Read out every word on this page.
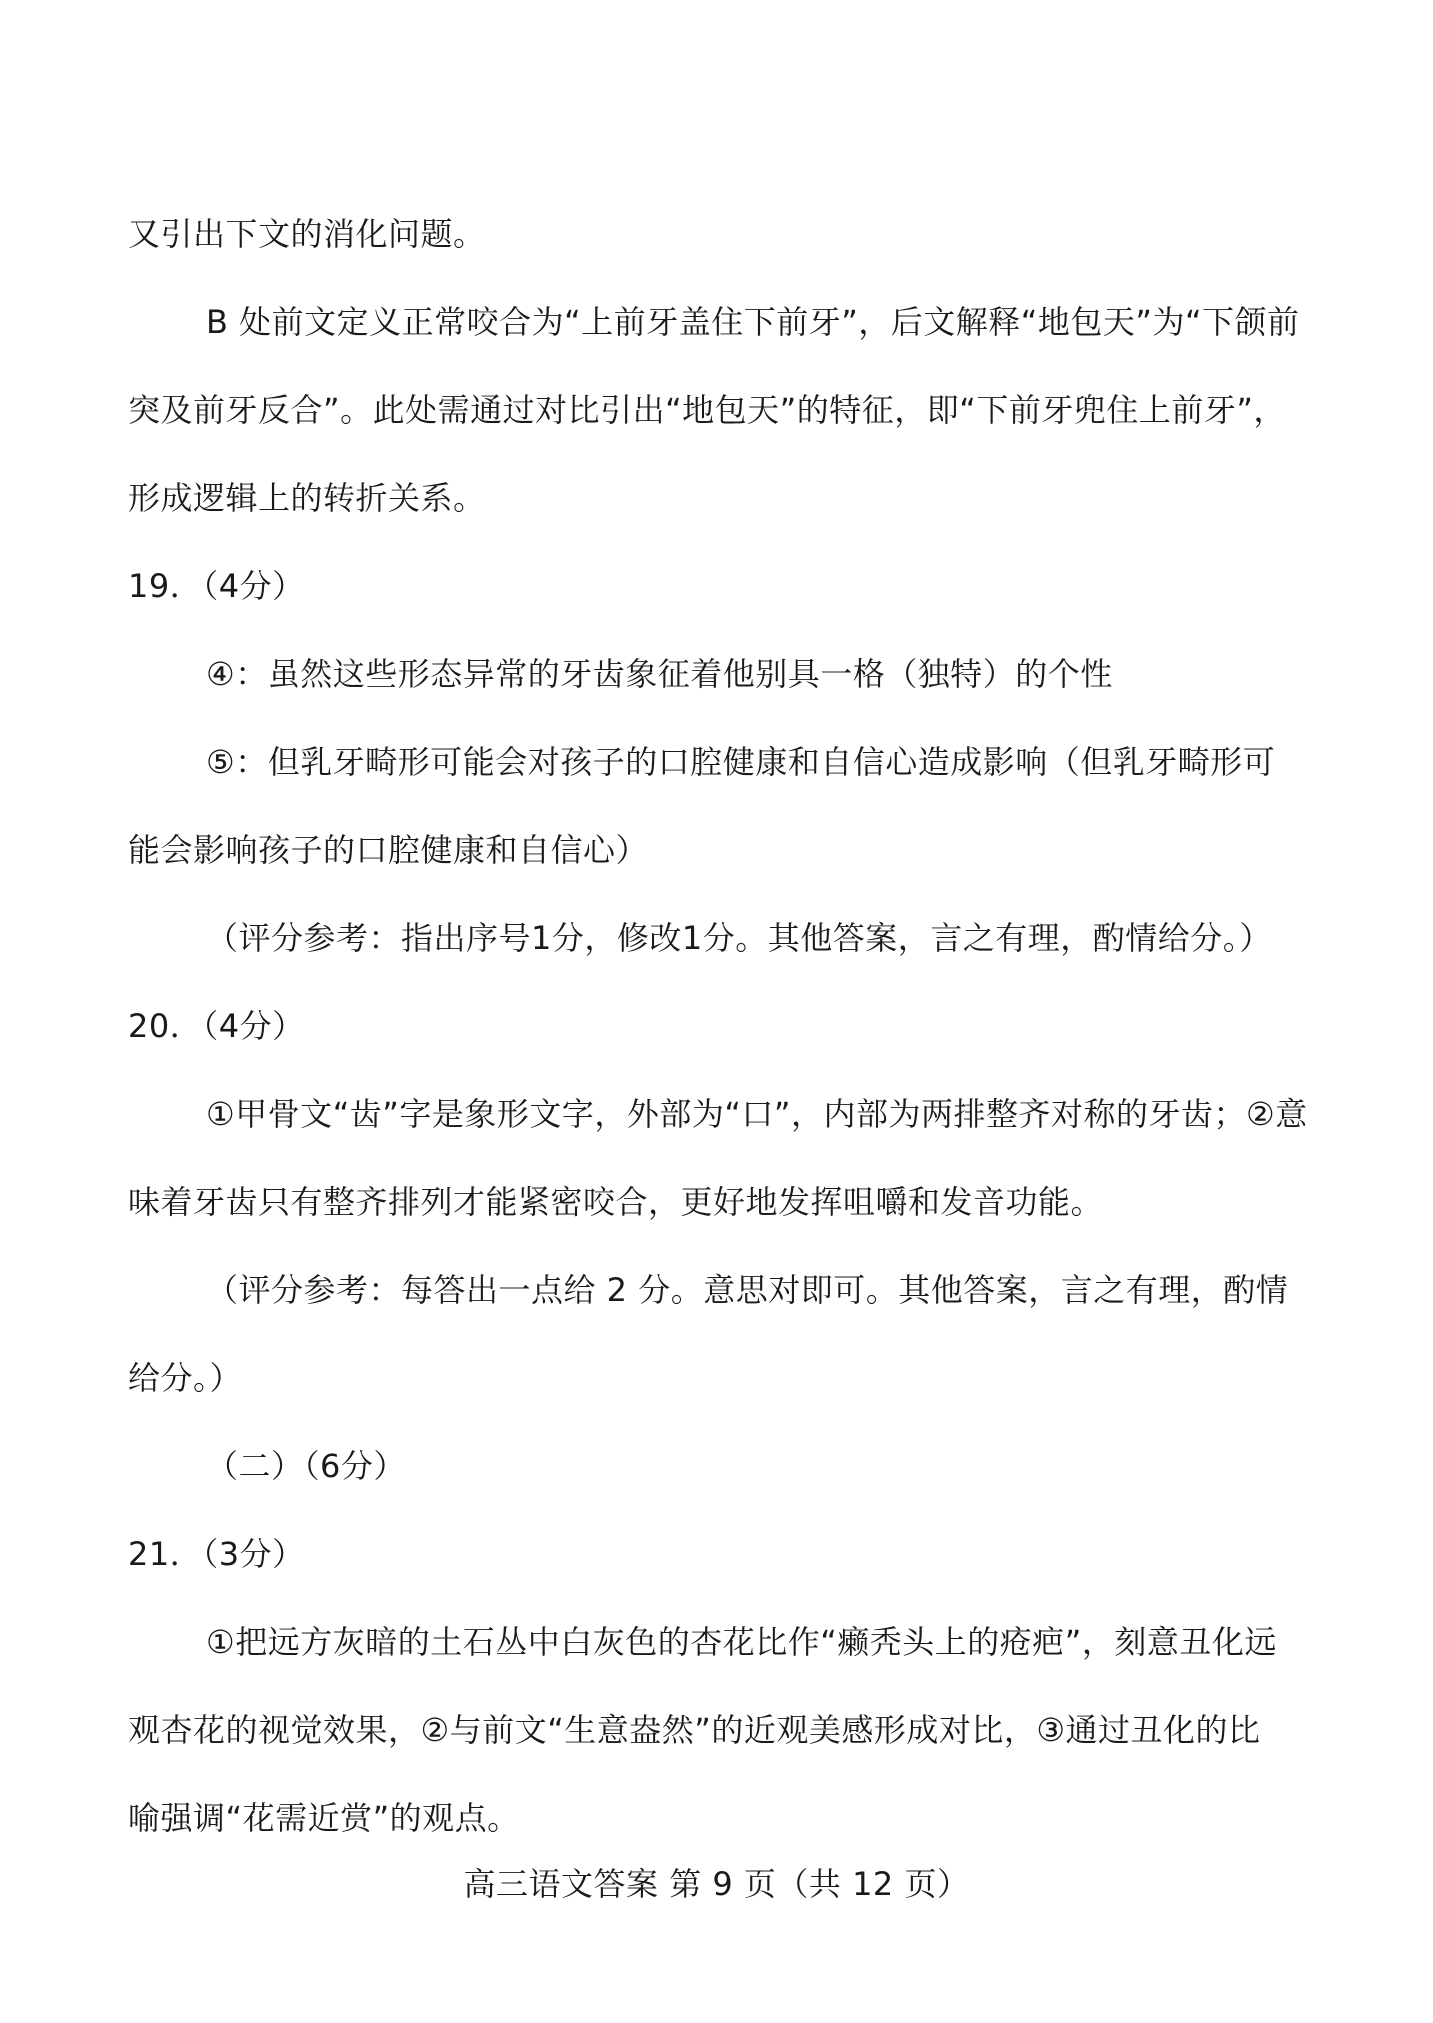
又引出下文的消化问题。
B 处前文定义正常咬合为“上前牙盖住下前牙”，后文解释“地包天”为“下颌前
突及前牙反合”。此处需通过对比引出“地包天”的特征，即“下前牙兜住上前牙”，
形成逻辑上的转折关系。
19．（4分）
④：虽然这些形态异常的牙齿象征着他别具一格（独特）的个性
⑤：但乳牙畸形可能会对孩子的口腔健康和自信心造成影响（但乳牙畸形可
能会影响孩子的口腔健康和自信心）
（评分参考：指出序号1分，修改1分。其他答案，言之有理，酌情给分。）
20．（4分）
①甲骨文“齿”字是象形文字，外部为“口”，内部为两排整齐对称的牙齿；②意
味着牙齿只有整齐排列才能紧密咬合，更好地发挥咀嚼和发音功能。
（评分参考：每答出一点给 2 分。意思对即可。其他答案，言之有理，酌情
给分。）
（二）（6分）
21．（3分）
①把远方灰暗的土石丛中白灰色的杏花比作“癞秃头上的疮疤”，刻意丑化远
观杏花的视觉效果，②与前文“生意盎然”的近观美感形成对比，③通过丑化的比
喻强调“花需近赏”的观点。
高三语文答案 第 9 页（共 12 页）
